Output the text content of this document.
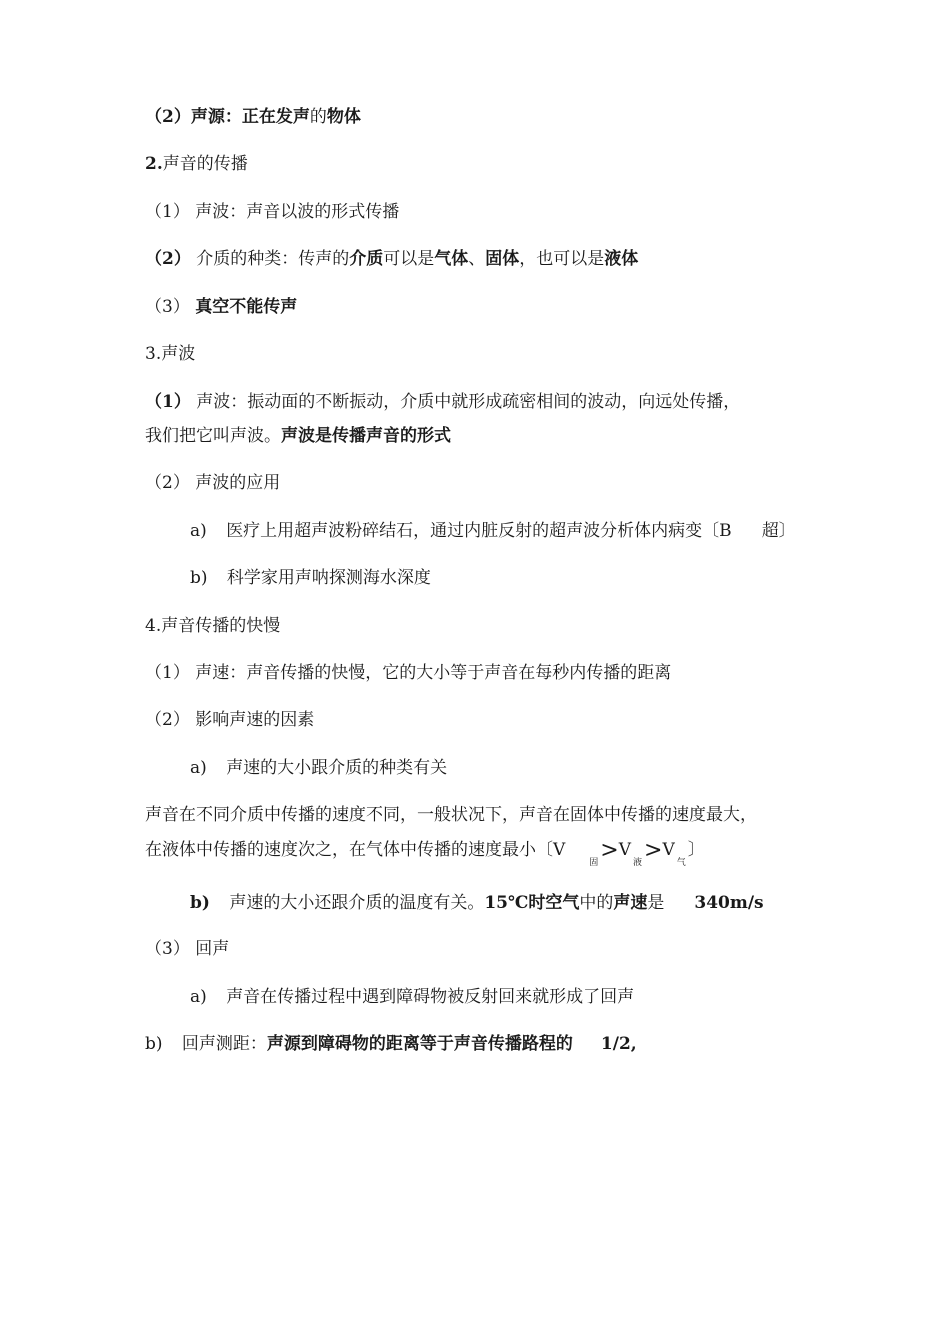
（2）声源：正在发声的物体
2.声音的传播
（1） 声波：声音以波的形式传播
（2） 介质的种类：传声的介质可以是气体、固体，也可以是液体
（3） 真空不能传声
3.声波
（1） 声波：振动面的不断振动，介质中就形成疏密相间的波动，向远处传播，
我们把它叫声波。声波是传播声音的形式
（2） 声波的应用
a) 医疗上用超声波粉碎结石，通过内脏反射的超声波分析体内病变〔B 超〕
b) 科学家用声呐探测海水深度
4.声音传播的快慢
（1） 声速：声音传播的快慢，它的大小等于声音在每秒内传播的距离
（2） 影响声速的因素
a) 声速的大小跟介质的种类有关
声音在不同介质中传播的速度不同，一般状况下，声音在固体中传播的速度最大，
在液体中传播的速度次之，在气体中传播的速度最小〔$V_固>V_液>V_气$〕
b) 声速的大小还跟介质的温度有关。15℃时空气中的声速是 340m/s
（3） 回声
a) 声音在传播过程中遇到障碍物被反射回来就形成了回声
b) 回声测距：声源到障碍物的距离等于声音传播路程的 1/2,
